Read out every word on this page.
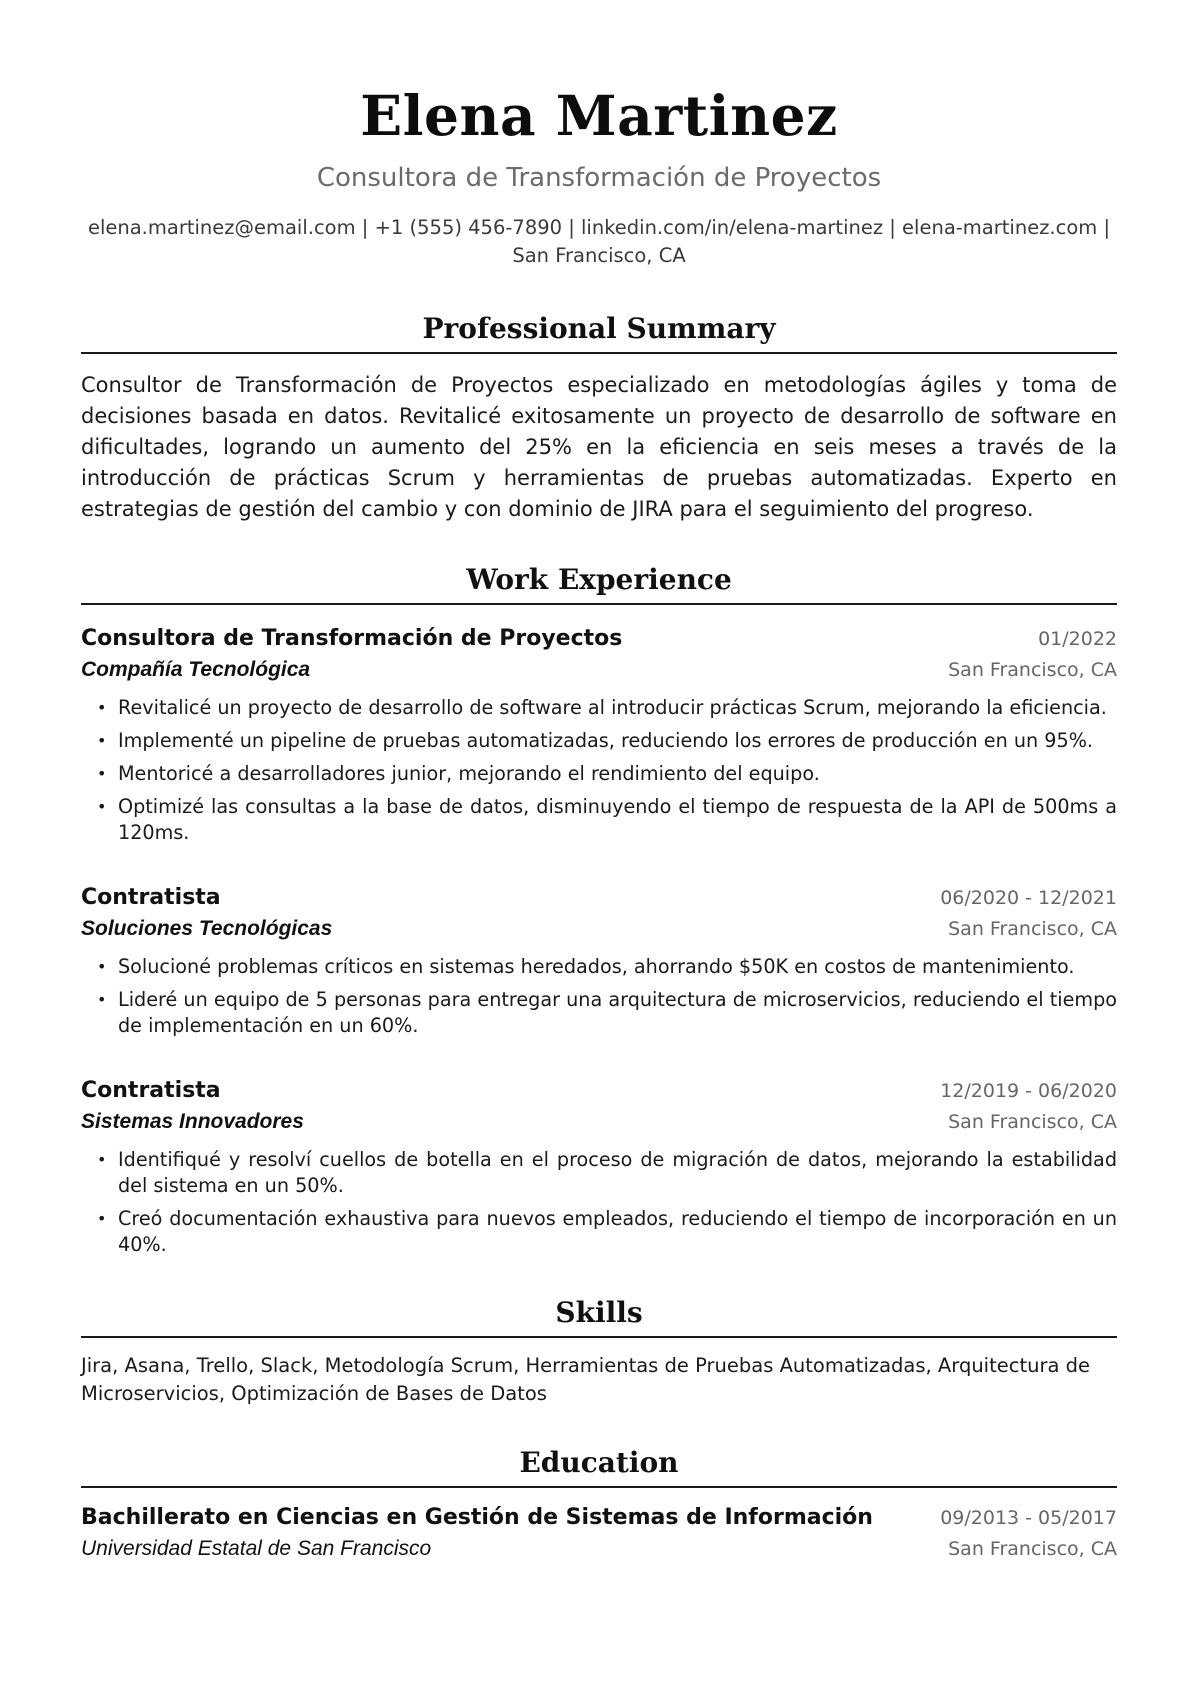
Elena Martinez
Consultora de Transformación de Proyectos
elena.martinez@email.com | +1 (555) 456-7890 | linkedin.com/in/elena-martinez | elena-martinez.com | San Francisco, CA
Professional Summary
Consultor de Transformación de Proyectos especializado en metodologías ágiles y toma de decisiones basada en datos. Revitalicé exitosamente un proyecto de desarrollo de software en dificultades, logrando un aumento del 25% en la eficiencia en seis meses a través de la introducción de prácticas Scrum y herramientas de pruebas automatizadas. Experto en estrategias de gestión del cambio y con dominio de JIRA para el seguimiento del progreso.
Work Experience
Consultora de Transformación de Proyectos	01/2022
Compañía Tecnológica	San Francisco, CA
• Revitalicé un proyecto de desarrollo de software al introducir prácticas Scrum, mejorando la eficiencia.
• Implementé un pipeline de pruebas automatizadas, reduciendo los errores de producción en un 95%.
• Mentoricé a desarrolladores junior, mejorando el rendimiento del equipo.
• Optimizé las consultas a la base de datos, disminuyendo el tiempo de respuesta de la API de 500ms a 120ms.
Contratista	06/2020 - 12/2021
Soluciones Tecnológicas	San Francisco, CA
• Solucioné problemas críticos en sistemas heredados, ahorrando $50K en costos de mantenimiento.
• Lideré un equipo de 5 personas para entregar una arquitectura de microservicios, reduciendo el tiempo de implementación en un 60%.
Contratista	12/2019 - 06/2020
Sistemas Innovadores	San Francisco, CA
• Identifiqué y resolví cuellos de botella en el proceso de migración de datos, mejorando la estabilidad del sistema en un 50%.
• Creó documentación exhaustiva para nuevos empleados, reduciendo el tiempo de incorporación en un 40%.
Skills
Jira, Asana, Trello, Slack, Metodología Scrum, Herramientas de Pruebas Automatizadas, Arquitectura de Microservicios, Optimización de Bases de Datos
Education
Bachillerato en Ciencias en Gestión de Sistemas de Información	09/2013 - 05/2017
Universidad Estatal de San Francisco	San Francisco, CA
